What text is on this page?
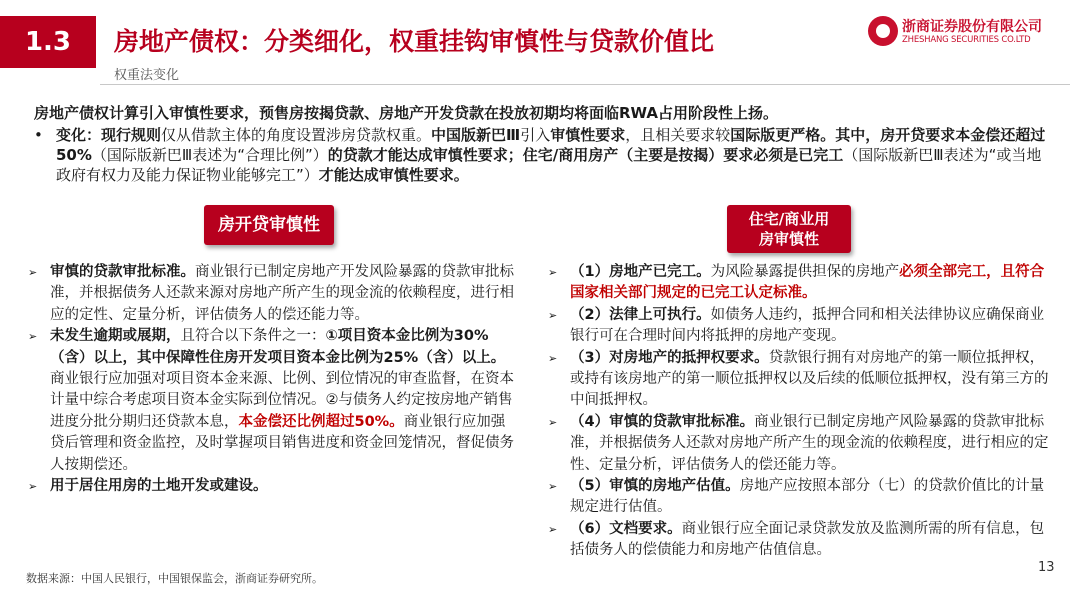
1.3 房地产债权：分类细化，权重挂钩审慎性与贷款价值比
权重法变化
浙商证券股份有限公司
ZHESHANG SECURITIES CO.LTD
房地产债权计算引入审慎性要求，预售房按揭贷款、房地产开发贷款在投放初期均将面临RWA占用阶段性上扬。
• 变化：现行规则仅从借款主体的角度设置涉房贷款权重。中国版新巴Ⅲ引入审慎性要求，且相关要求较国际版更严格。其中，房开贷要求本金偿还超过50%（国际版新巴Ⅲ表述为“合理比例”）的贷款才能达成审慎性要求；住宅/商用房产（主要是按揭）要求必须是已完工（国际版新巴Ⅲ表述为“或当地政府有权力及能力保证物业能够完工”）才能达成审慎性要求。
房开贷审慎性	住宅/商业用
房审慎性
➢ 审慎的贷款审批标准。商业银行已制定房地产开发风险暴露的贷款审批标准，并根据债务人还款来源对房地产所产生的现金流的依赖程度，进行相应的定性、定量分析，评估债务人的偿还能力等。
➢ 未发生逾期或展期，且符合以下条件之一：①项目资本金比例为30%（含）以上，其中保障性住房开发项目资本金比例为25%（含）以上。商业银行应加强对项目资本金来源、比例、到位情况的审查监督，在资本计量中综合考虑项目资本金实际到位情况。②与债务人约定按房地产销售进度分批分期归还贷款本息，本金偿还比例超过50%。商业银行应加强贷后管理和资金监控，及时掌握项目销售进度和资金回笼情况，督促债务人按期偿还。
➢ 用于居住用房的土地开发或建设。
➢ （1）房地产已完工。为风险暴露提供担保的房地产必须全部完工，且符合国家相关部门规定的已完工认定标准。
➢ （2）法律上可执行。如债务人违约，抵押合同和相关法律协议应确保商业银行可在合理时间内将抵押的房地产变现。
➢ （3）对房地产的抵押权要求。贷款银行拥有对房地产的第一顺位抵押权，或持有该房地产的第一顺位抵押权以及后续的低顺位抵押权，没有第三方的中间抵押权。
➢ （4）审慎的贷款审批标准。商业银行已制定房地产风险暴露的贷款审批标准，并根据债务人还款对房地产所产生的现金流的依赖程度，进行相应的定性、定量分析，评估债务人的偿还能力等。
➢ （5）审慎的房地产估值。房地产应按照本部分（七）的贷款价值比的计量规定进行估值。
➢ （6）文档要求。商业银行应全面记录贷款发放及监测所需的所有信息，包括债务人的偿债能力和房地产估值信息。
数据来源：中国人民银行，中国银保监会，浙商证券研究所。
13
